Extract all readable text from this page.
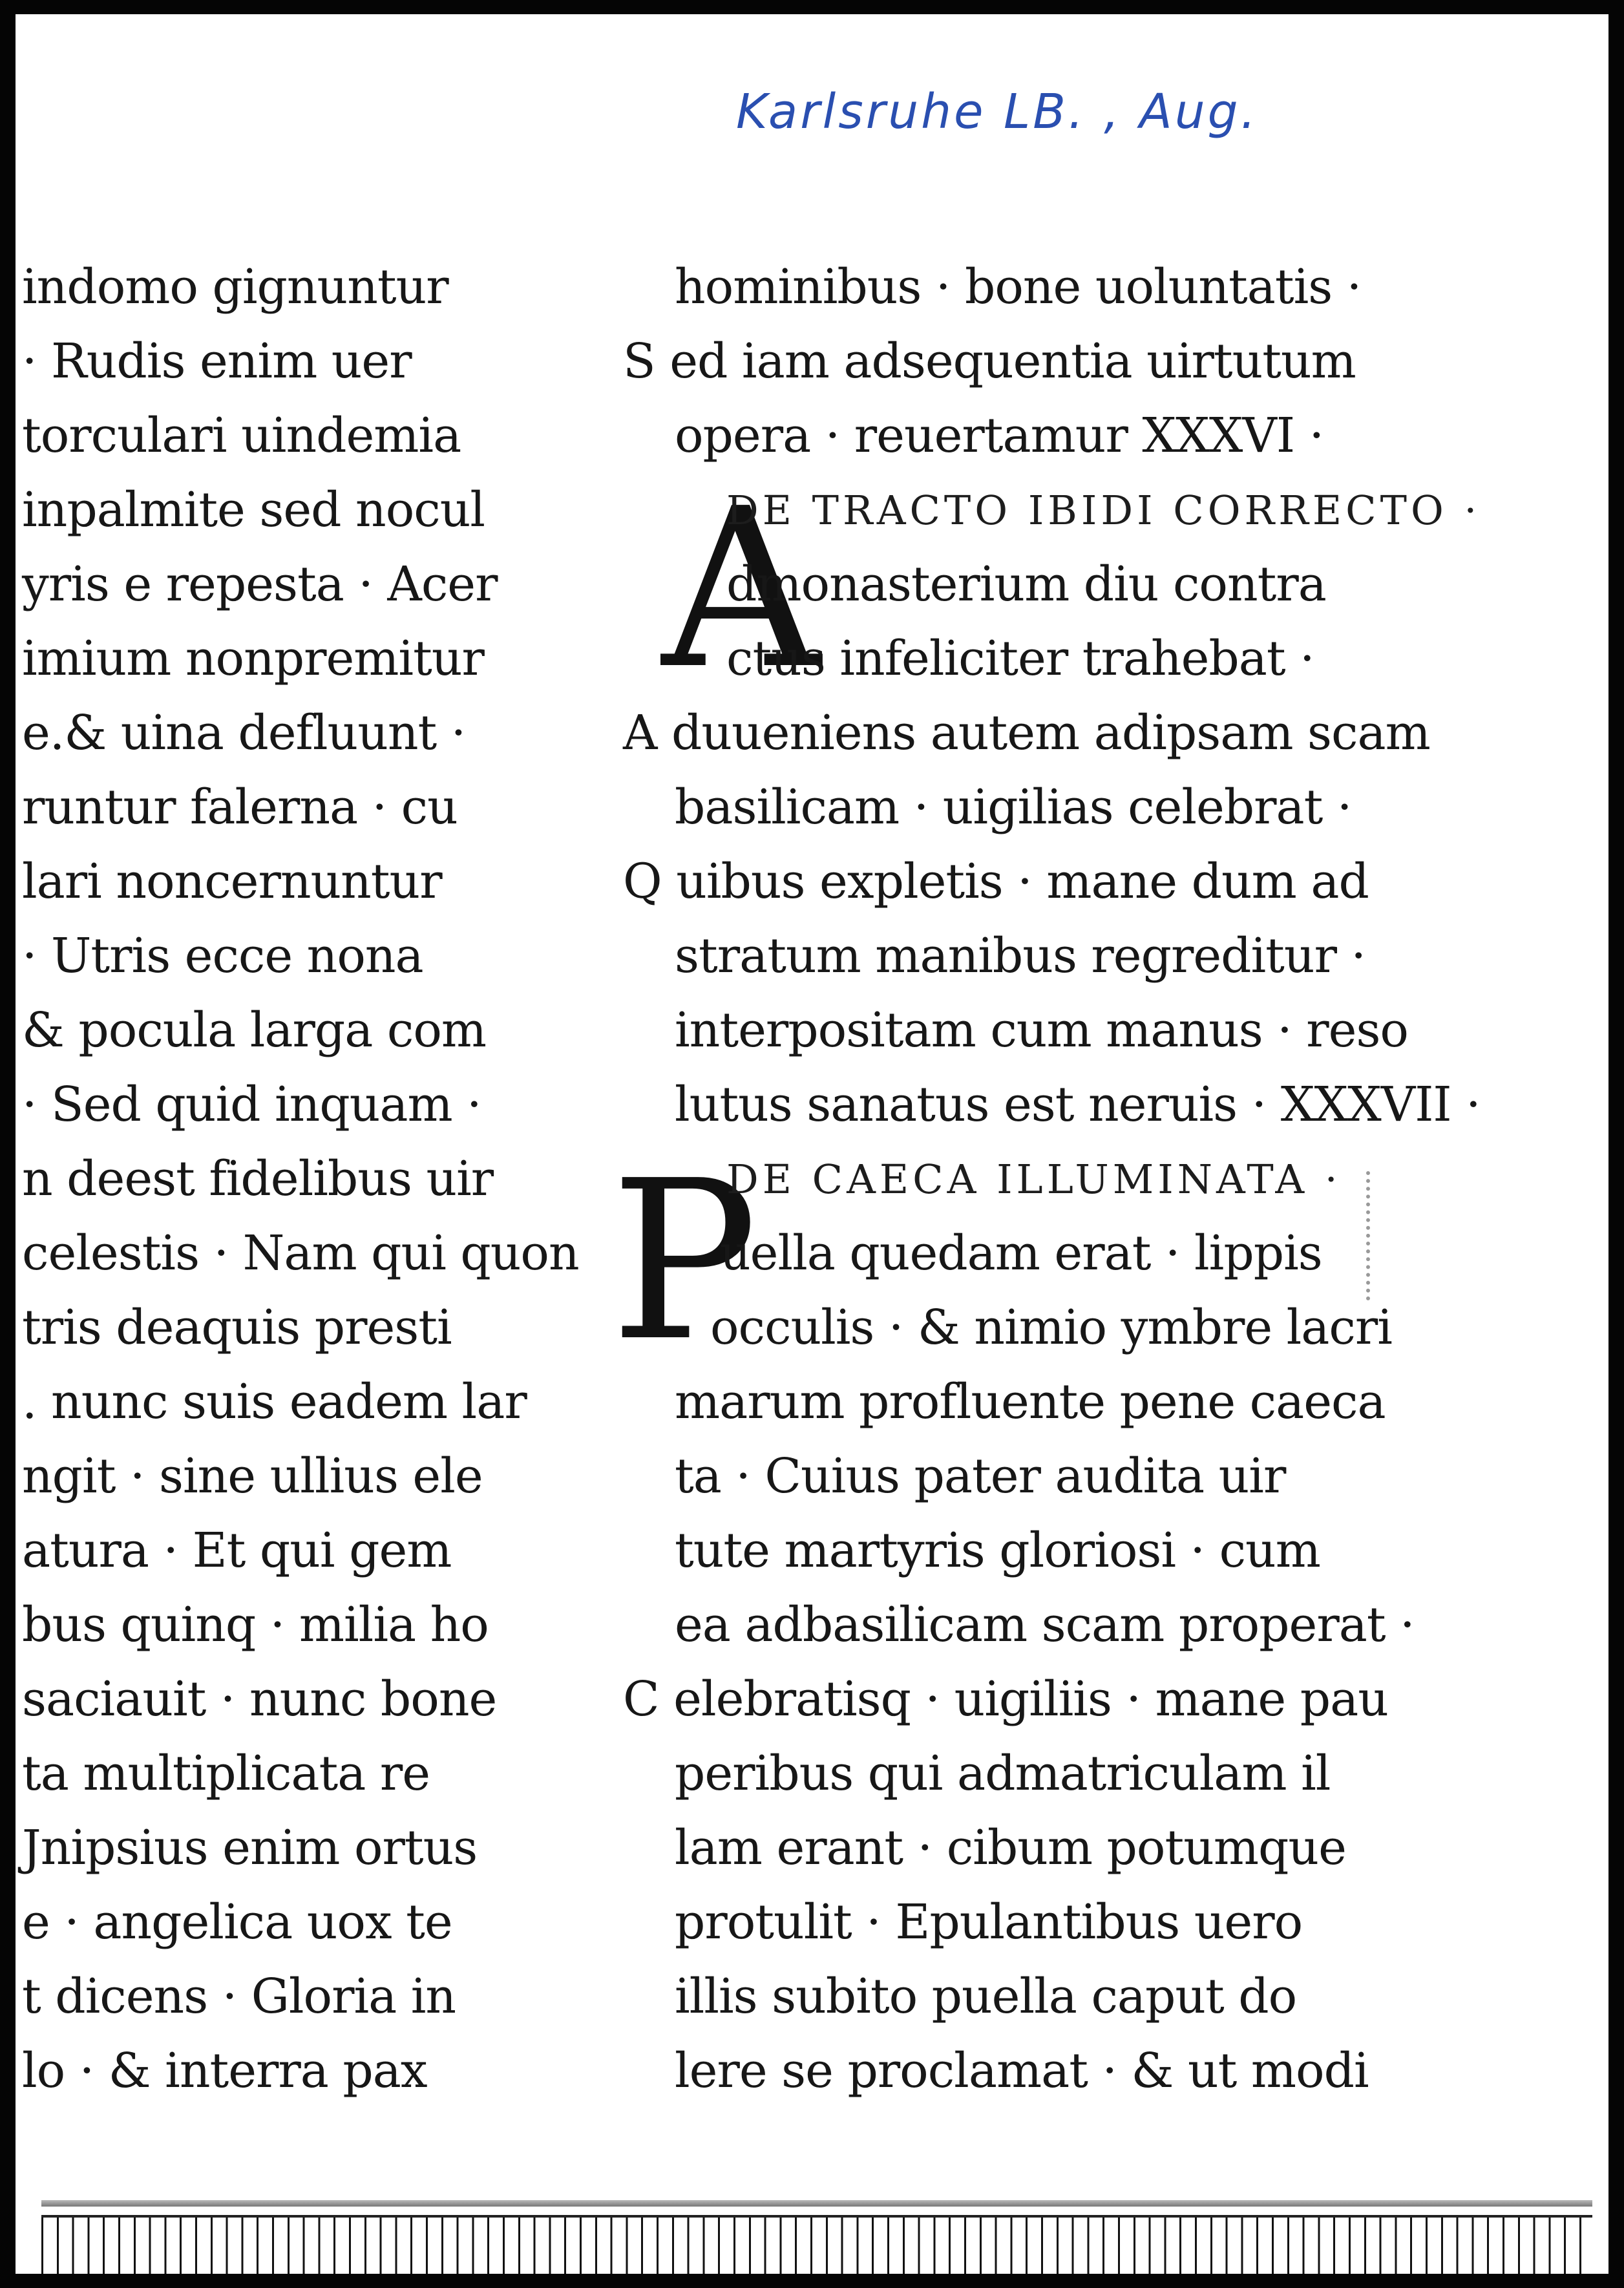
Karlsruhe LB. , Aug.
indomo gignuntur
· Rudis enim uer
torculari uindemia
inpalmite sed nocul
yris e repesta · Acer
imium nonpremitur
e.& uina defluunt ·
runtur falerna · cu
lari noncernuntur
· Utris ecce nona
& pocula larga com
· Sed quid inquam ·
n deest fidelibus uir
celestis · Nam qui quon
tris deaquis presti
. nunc suis eadem lar
ngit · sine ullius ele
atura · Et qui gem
bus quinq · milia ho
saciauit · nunc bone
ta multiplicata re
Jnipsius enim ortus
e · angelica uox te
t dicens · Gloria in
lo · & interra pax
A
P
hominibus · bone uoluntatis ·
S ed iam adsequentia uirtutum
opera · reuertamur XXXVI ·
DE TRACTO IBIDI CORRECTO ·
dmonasterium diu contra
ctus infeliciter trahebat ·
A duueniens autem adipsam scam
basilicam · uigilias celebrat ·
Q uibus expletis · mane dum ad
stratum manibus regreditur ·
interpositam cum manus · reso
lutus sanatus est neruis · XXXVII ·
DE CAECA ILLUMINATA ·
uella quedam erat · lippis
occulis · & nimio ymbre lacri
marum profluente pene caeca
ta · Cuius pater audita uir
tute martyris gloriosi · cum
ea adbasilicam scam properat ·
C elebratisq · uigiliis · mane pau
peribus qui admatriculam il
lam erant · cibum potumque
protulit · Epulantibus uero
illis subito puella caput do
lere se proclamat · & ut modi
